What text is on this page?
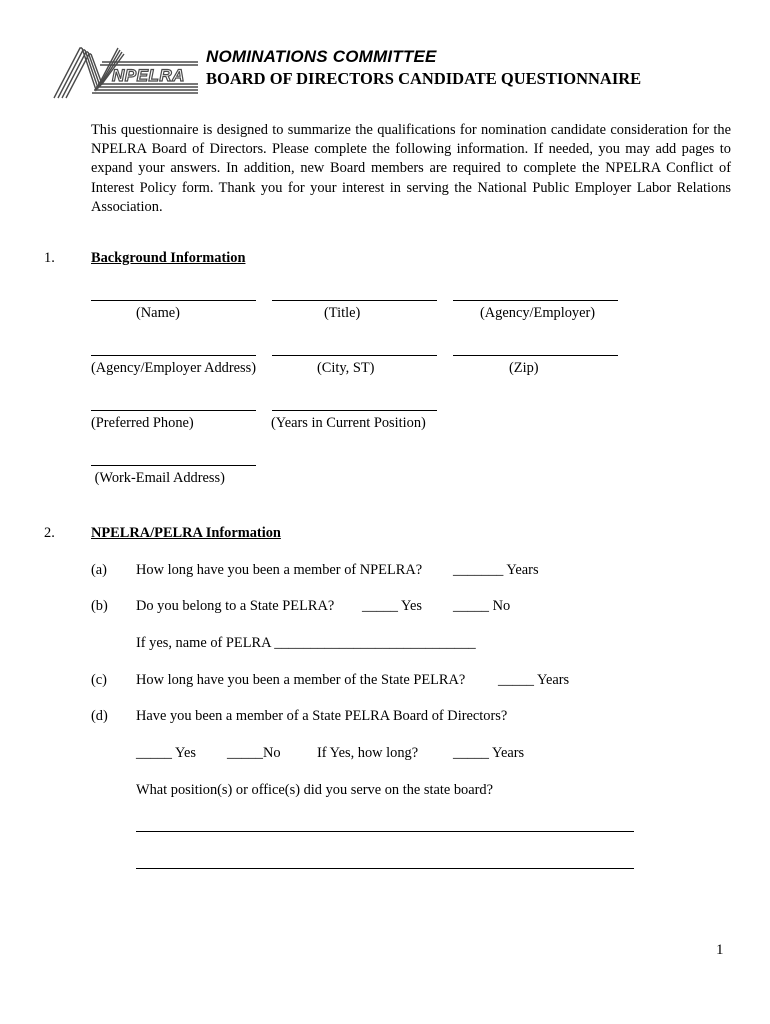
NPELRA
NOMINATIONS COMMITTEE
BOARD OF DIRECTORS CANDIDATE QUESTIONNAIRE
This questionnaire is designed to summarize the qualifications for nomination candidate consideration for the NPELRA Board of Directors. Please complete the following information. If needed, you may add pages to expand your answers. In addition, new Board members are required to complete the NPELRA Conflict of Interest Policy form. Thank you for your interest in serving the National Public Employer Labor Relations Association.
1.	Background Information
(Name)	(Title)	(Agency/Employer)
(Agency/Employer Address)	(City, ST)	(Zip)
(Preferred Phone)	(Years in Current Position)
(Work-Email Address)
2.	NPELRA/PELRA Information
(a) How long have you been a member of NPELRA? _______ Years
(b) Do you belong to a State PELRA? _____ Yes _____ No
If yes, name of PELRA ____________________________
(c) How long have you been a member of the State PELRA? _____ Years
(d) Have you been a member of a State PELRA Board of Directors?
_____ Yes _____No	If Yes, how long? _____ Years
What position(s) or office(s) did you serve on the state board?
1
